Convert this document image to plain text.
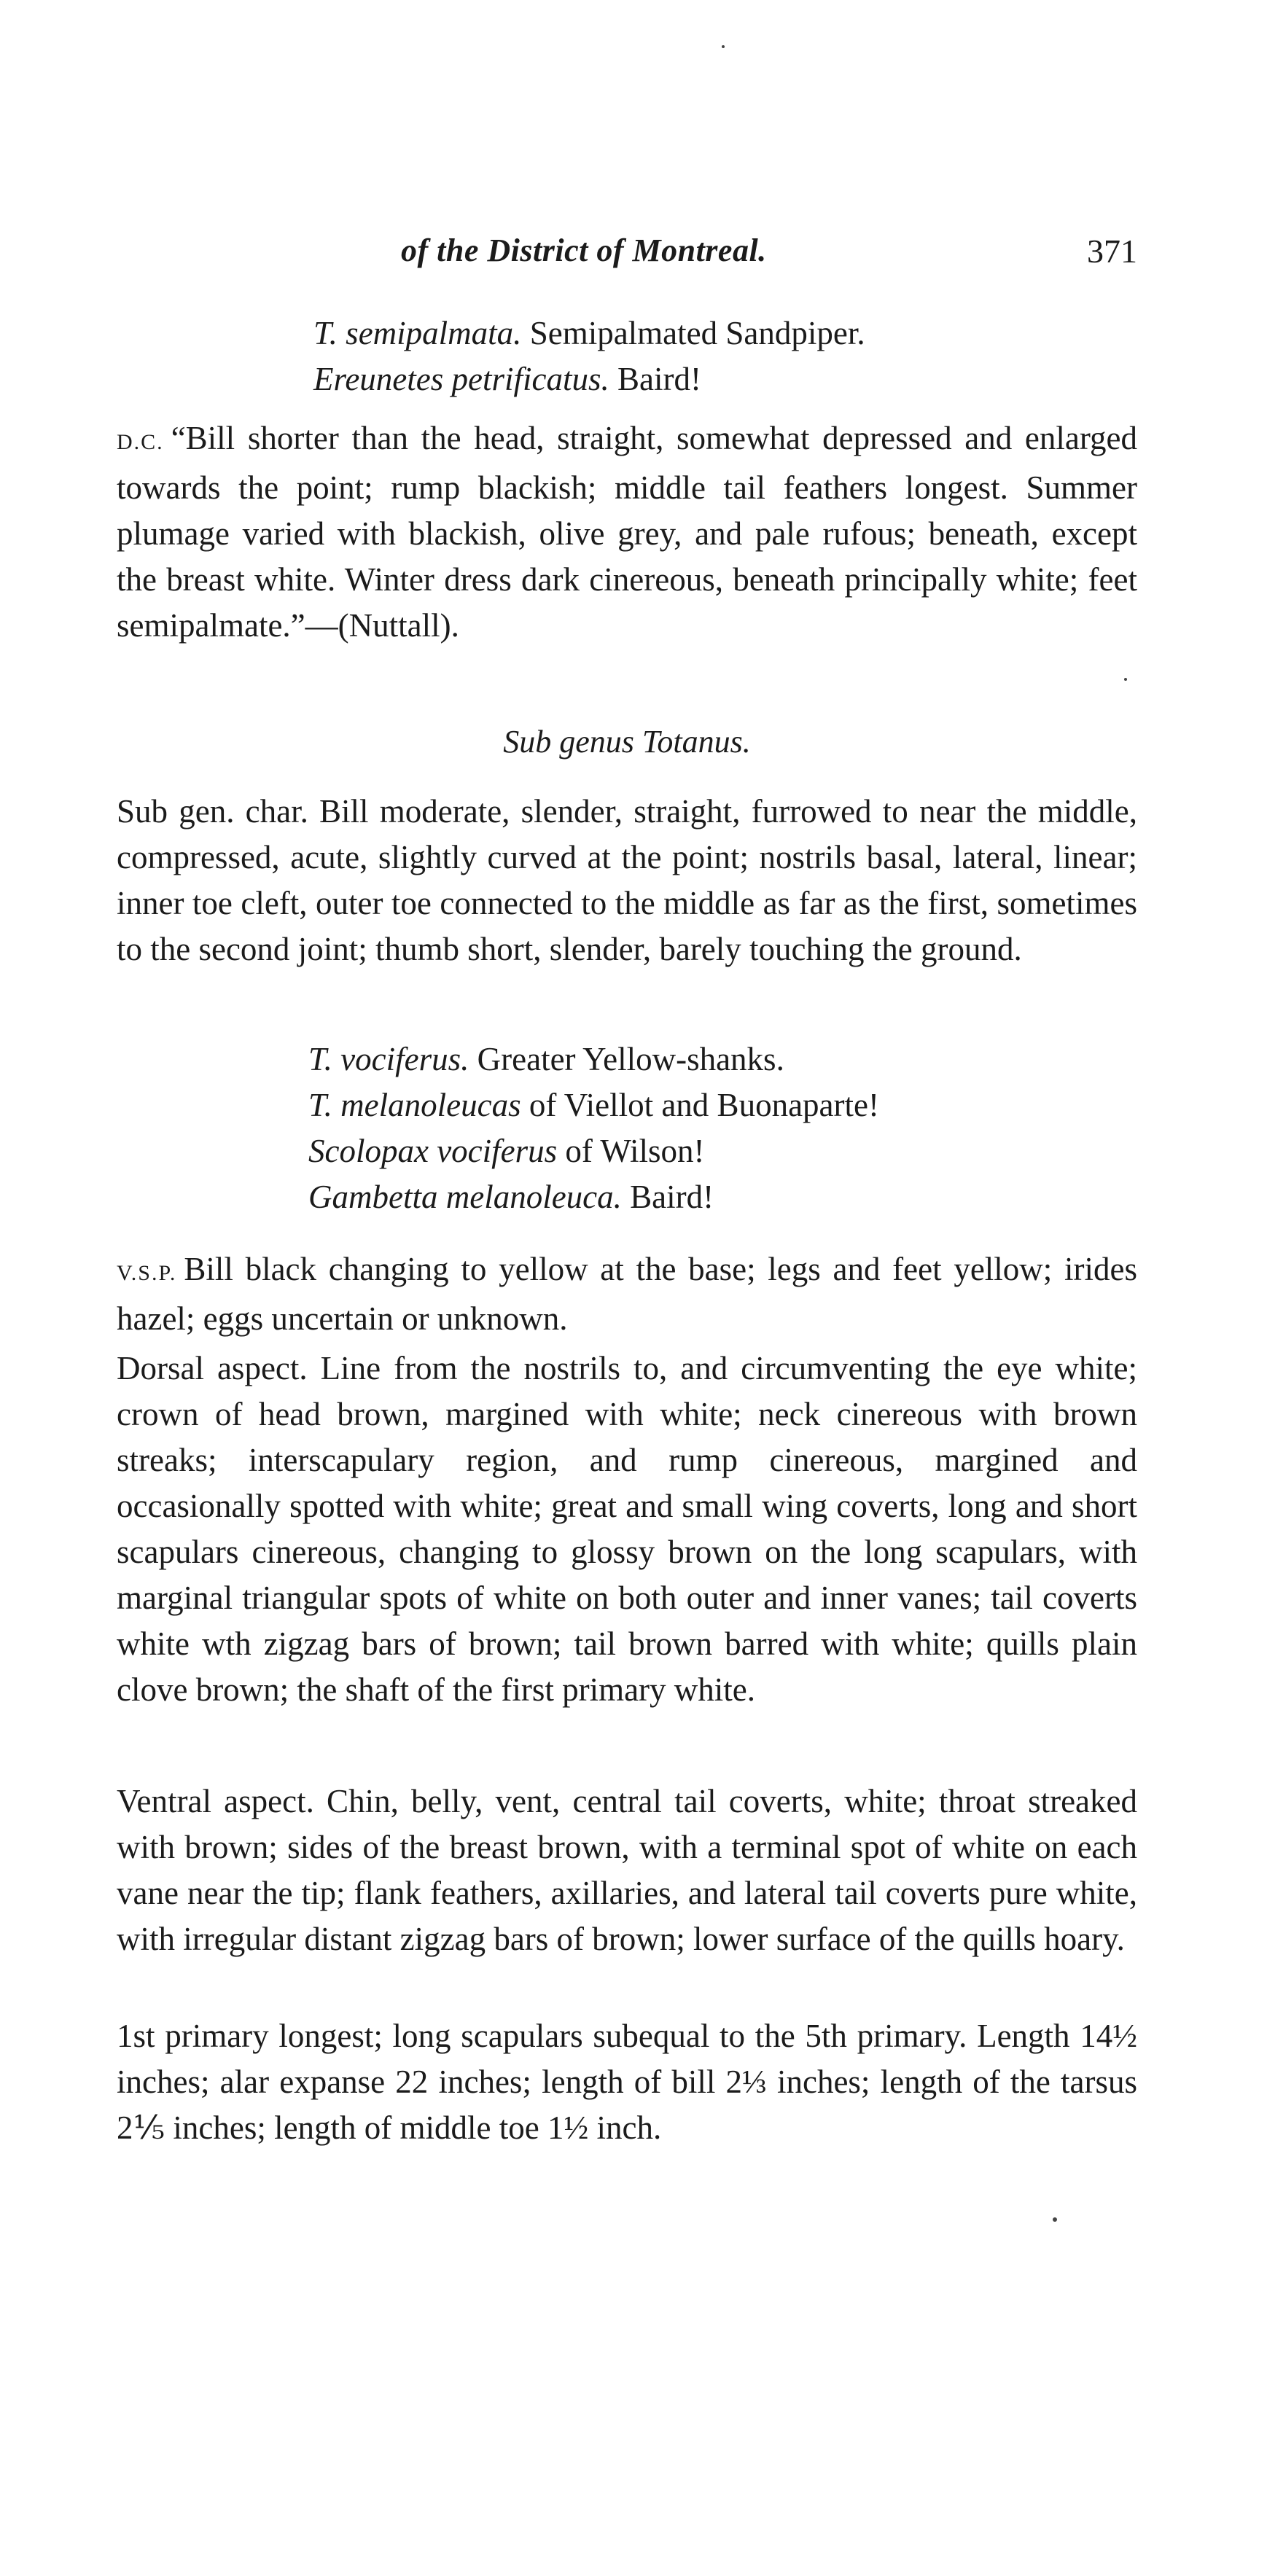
of the District of Montreal.	371
T. semipalmata. Semipalmated Sandpiper.
Ereunetes petrificatus. Baird!
D.C. “Bill shorter than the head, straight, somewhat depressed and enlarged towards the point; rump blackish; middle tail feathers longest. Summer plumage varied with blackish, olive grey, and pale rufous; beneath, except the breast white. Winter dress dark cinereous, beneath principally white; feet semipalmate.”—(Nuttall).
Sub genus Totanus.
Sub gen. char. Bill moderate, slender, straight, furrowed to near the middle, compressed, acute, slightly curved at the point; nostrils basal, lateral, linear; inner toe cleft, outer toe connected to the middle as far as the first, sometimes to the second joint; thumb short, slender, barely touching the ground.
T. vociferus. Greater Yellow-shanks.
T. melanoleucas of Viellot and Buonaparte!
Scolopax vociferus of Wilson!
Gambetta melanoleuca. Baird!
V.S.P. Bill black changing to yellow at the base; legs and feet yellow; irides hazel; eggs uncertain or unknown.
Dorsal aspect. Line from the nostrils to, and circumventing the eye white; crown of head brown, margined with white; neck cinereous with brown streaks; interscapulary region, and rump cinereous, margined and occasionally spotted with white; great and small wing coverts, long and short scapulars cinereous, changing to glossy brown on the long scapulars, with marginal triangular spots of white on both outer and inner vanes; tail coverts white wth zigzag bars of brown; tail brown barred with white; quills plain clove brown; the shaft of the first primary white.
Ventral aspect. Chin, belly, vent, central tail coverts, white; throat streaked with brown; sides of the breast brown, with a terminal spot of white on each vane near the tip; flank feathers, axillaries, and lateral tail coverts pure white, with irregular distant zigzag bars of brown; lower surface of the quills hoary.
1st primary longest; long scapulars subequal to the 5th primary. Length 14½ inches; alar expanse 22 inches; length of bill 2⅓ inches; length of the tarsus 2⅕ inches; length of middle toe 1½ inch.
